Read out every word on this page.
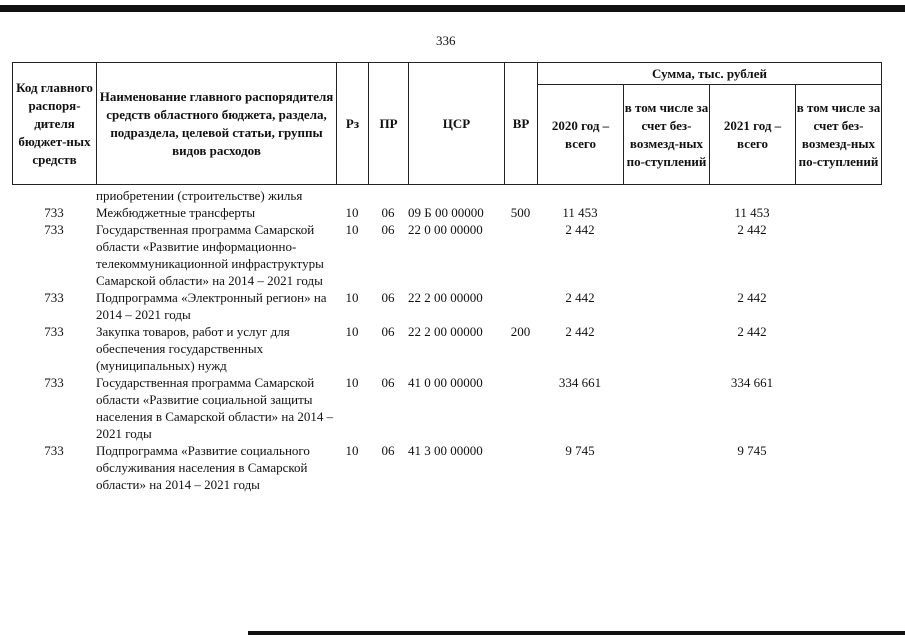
336
Код главного распоря-дителя бюджет-ных средств	Наименование главного распорядителя средств областного бюджета, раздела, подраздела, целевой статьи, группы видов расходов	Рз	ПР	ЦСР	ВР	Сумма, тыс. рублей			
						2020 год – всего	в том числе за счет без-возмезд-ных по-ступлений	2021 год – всего	в том числе за счет без-возмезд-ных по-ступлений
	приобретении (строительстве) жилья								
733	Межбюджетные трансферты	10	06	09 Б 00 00000	500	11 453		11 453	
733	Государственная программа Самарской области «Развитие информационно-телекоммуникационной инфраструктуры Самарской области» на 2014 – 2021 годы	10	06	22 0 00 00000		2 442		2 442	
733	Подпрограмма «Электронный регион» на 2014 – 2021 годы	10	06	22 2 00 00000		2 442		2 442	
733	Закупка товаров, работ и услуг для обеспечения государственных (муниципальных) нужд	10	06	22 2 00 00000	200	2 442		2 442	
733	Государственная программа Самарской области «Развитие социальной защиты населения в Самарской области» на 2014 – 2021 годы	10	06	41 0 00 00000		334 661		334 661	
733	Подпрограмма «Развитие социального обслуживания населения в Самарской области» на 2014 – 2021 годы	10	06	41 3 00 00000		9 745		9 745	
